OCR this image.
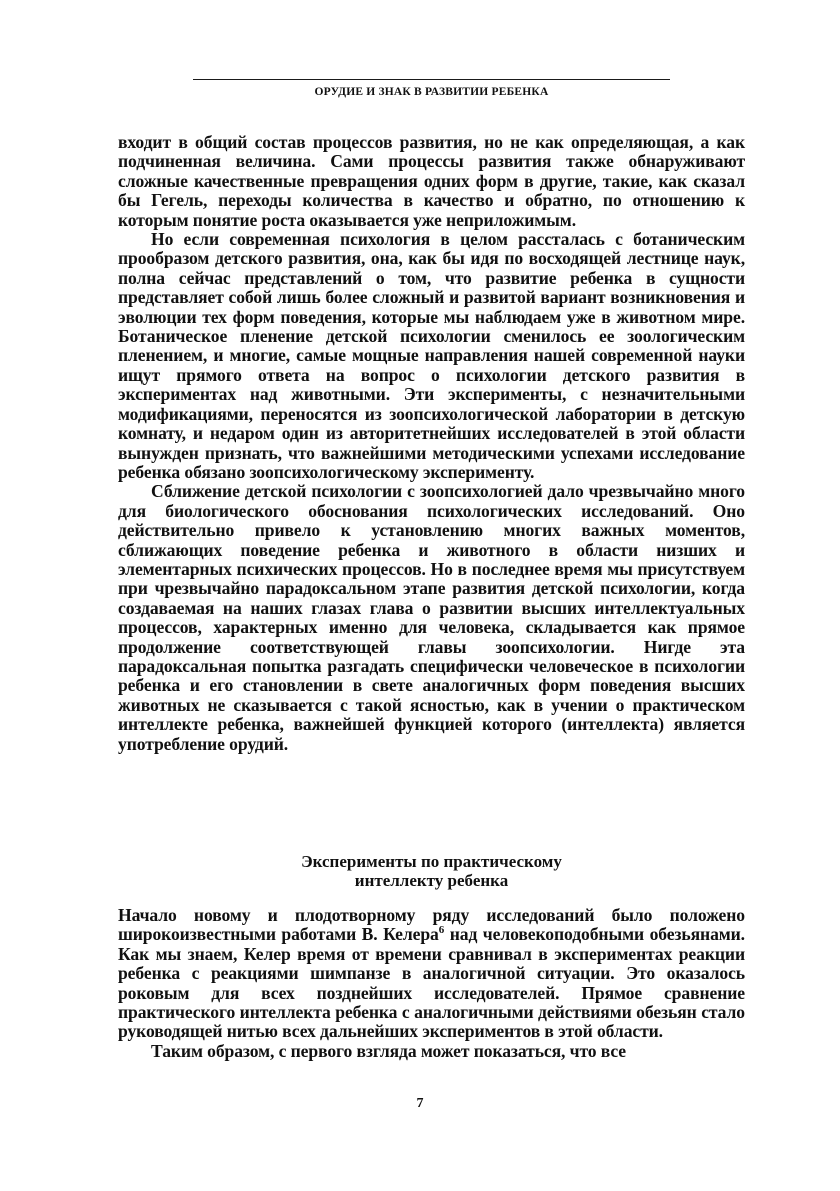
ОРУДИЕ И ЗНАК В РАЗВИТИИ РЕБЕНКА

входит в общий состав процессов развития, но не как определяющая, а как подчиненная величина. Сами процессы развития также обнаруживают сложные качественные превращения одних форм в другие, такие, как сказал бы Гегель, переходы количества в качество и обратно, по отношению к которым понятие роста оказывается уже неприложимым.

Но если современная психология в целом рассталась с ботаническим прообразом детского развития, она, как бы идя по восходящей лестнице наук, полна сейчас представлений о том, что развитие ребенка в сущности представляет собой лишь более сложный и развитой вариант возникновения и эволюции тех форм поведения, которые мы наблюдаем уже в животном мире. Ботаническое пленение детской психологии сменилось ее зоологическим пленением, и многие, самые мощные направления нашей современной науки ищут прямого ответа на вопрос о психологии детского развития в экспериментах над животными. Эти эксперименты, с незначительными модификациями, переносятся из зоопсихологической лаборатории в детскую комнату, и недаром один из авторитетнейших исследователей в этой области вынужден признать, что важнейшими методическими успехами исследование ребенка обязано зоопсихологическому эксперименту.

Сближение детской психологии с зоопсихологией дало чрезвычайно много для биологического обоснования психологических исследований. Оно действительно привело к установлению многих важных моментов, сближающих поведение ребенка и животного в области низших и элементарных психических процессов. Но в последнее время мы присутствуем при чрезвычайно парадоксальном этапе развития детской психологии, когда создаваемая на наших глазах глава о развитии высших интеллектуальных процессов, характерных именно для человека, складывается как прямое продолжение соответствующей главы зоопсихологии. Нигде эта парадоксальная попытка разгадать специфически человеческое в психологии ребенка и его становлении в свете аналогичных форм поведения высших животных не сказывается с такой ясностью, как в учении о практическом интеллекте ребенка, важнейшей функцией которого (интеллекта) является употребление орудий.

Эксперименты по практическому
интеллекту ребенка

Начало новому и плодотворному ряду исследований было положено широкоизвестными работами В. Келера$^6$ над человекоподобными обезьянами. Как мы знаем, Келер время от времени сравнивал в экспериментах реакции ребенка с реакциями шимпанзе в аналогичной ситуации. Это оказалось роковым для всех позднейших исследователей. Прямое сравнение практического интеллекта ребенка с аналогичными действиями обезьян стало руководящей нитью всех дальнейших экспериментов в этой области.

Таким образом, с первого взгляда может показаться, что все

7
